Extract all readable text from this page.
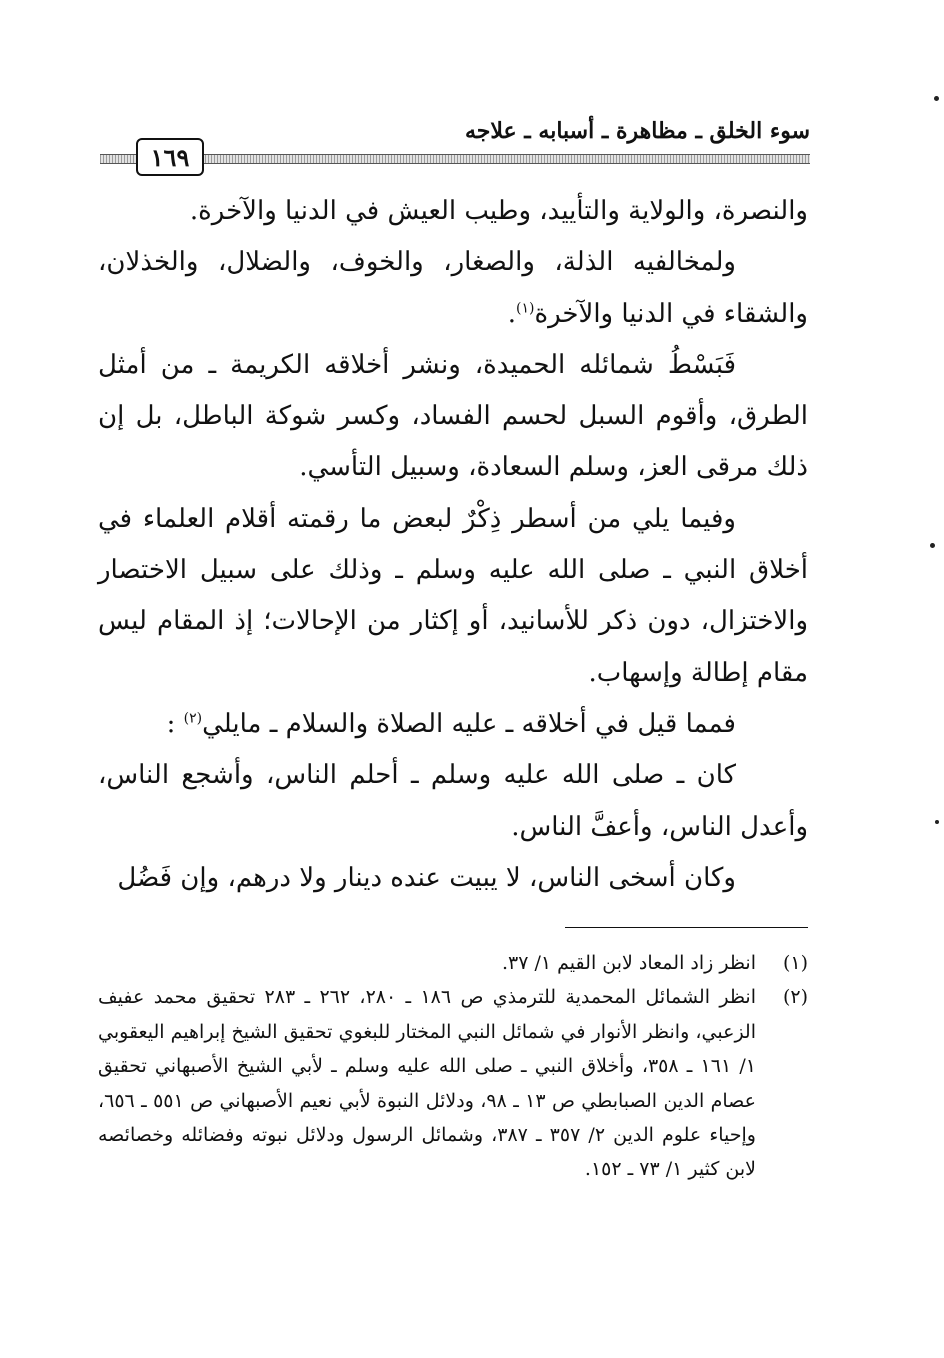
سوء الخلق ـ مظاهرة ـ أسبابه ـ علاجه
١٦٩

والنصرة، والولاية والتأييد، وطيب العيش في الدنيا والآخرة.

ولمخالفيه الذلة، والصغار، والخوف، والضلال، والخذلان، والشقاء في الدنيا والآخرة$^{(١)}$.

فَبَسْطُ شمائله الحميدة، ونشر أخلاقه الكريمة ـ من أمثل الطرق، وأقوم السبل لحسم الفساد، وكسر شوكة الباطل، بل إن ذلك مرقى العز، وسلم السعادة، وسبيل التأسي.

وفيما يلي من أسطر ذِكْرٌ لبعض ما رقمته أقلام العلماء في أخلاق النبي ـ صلى الله عليه وسلم ـ وذلك على سبيل الاختصار والاختزال، دون ذكر للأسانيد، أو إكثار من الإحالات؛ إذ المقام ليس مقام إطالة وإسهاب.

فمما قيل في أخلاقه ـ عليه الصلاة والسلام ـ مايلي$^{(٢)}$ :

كان ـ صلى الله عليه وسلم ـ أحلم الناس، وأشجع الناس، وأعدل الناس، وأعفَّ الناس.

وكان أسخى الناس، لا يبيت عنده دينار ولا درهم، وإن فَضُل

(١)
انظر زاد المعاد لابن القيم ١/ ٣٧.
(٢)
انظر الشمائل المحمدية للترمذي ص ١٨٦ ـ ٢٨٠، ٢٦٢ ـ ٢٨٣ تحقيق محمد عفيف الزعبي، وانظر الأنوار في شمائل النبي المختار للبغوي تحقيق الشيخ إبراهيم اليعقوبي ١/ ١٦١ ـ ٣٥٨، وأخلاق النبي ـ صلى الله عليه وسلم ـ لأبي الشيخ الأصبهاني تحقيق عصام الدين الصبابطي ص ١٣ ـ ٩٨، ودلائل النبوة لأبي نعيم الأصبهاني ص ٥٥١ ـ ٦٥٦، وإحياء علوم الدين ٢/ ٣٥٧ ـ ٣٨٧، وشمائل الرسول ودلائل نبوته وفضائله وخصائصه لابن كثير ١/ ٧٣ ـ ١٥٢.
